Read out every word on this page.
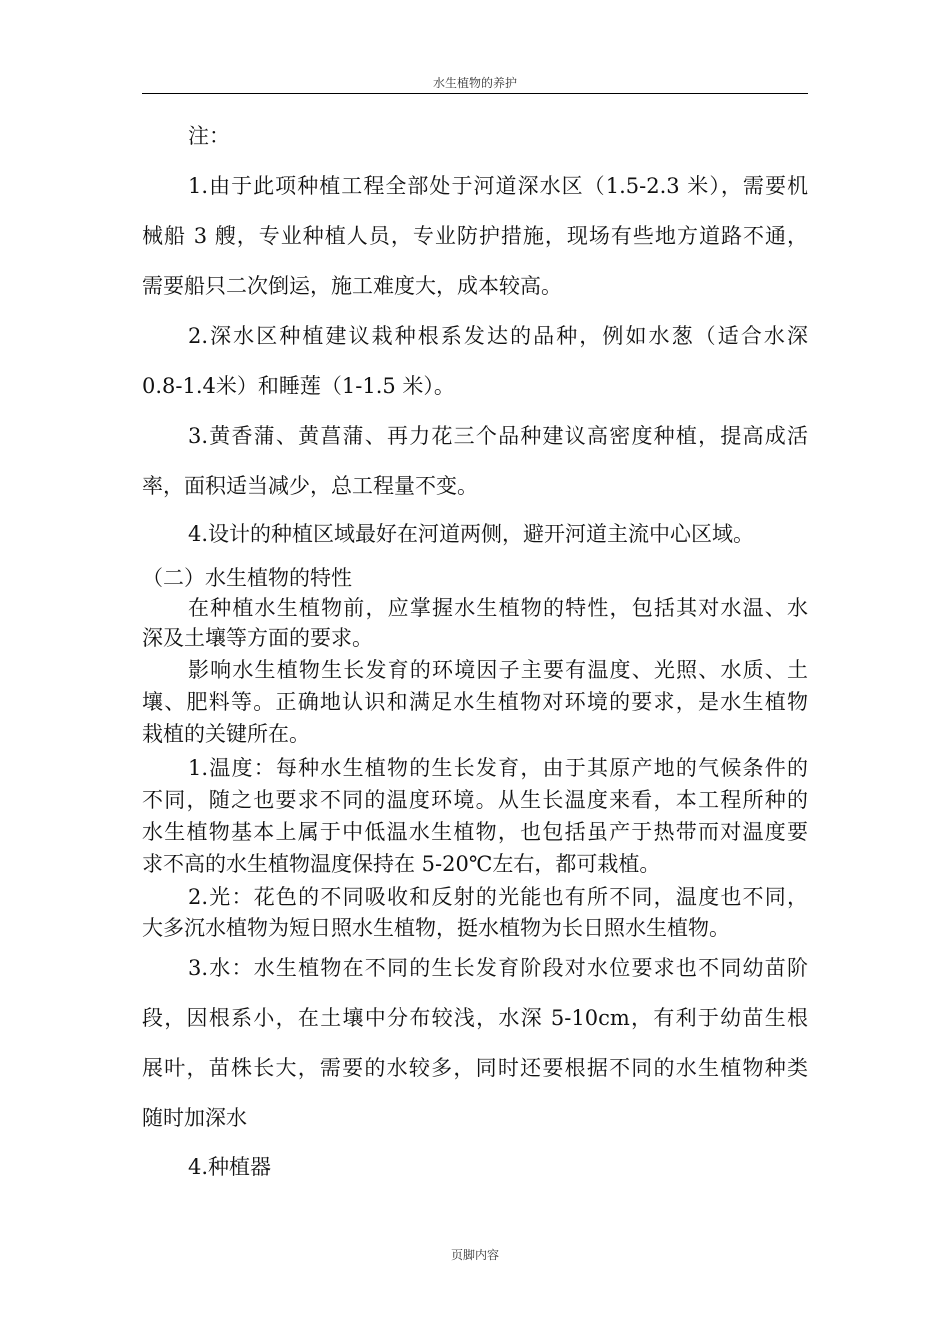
水生植物的养护
注：
1.由于此项种植工程全部处于河道深水区（1.5-2.3 米），需要机
械船 3 艘，专业种植人员，专业防护措施，现场有些地方道路不通，
需要船只二次倒运，施工难度大，成本较高。
2.深水区种植建议栽种根系发达的品种，例如水葱（适合水深
0.8-1.4米）和睡莲（1-1.5 米）。
3.黄香蒲、黄菖蒲、再力花三个品种建议高密度种植，提高成活
率，面积适当减少，总工程量不变。
4.设计的种植区域最好在河道两侧，避开河道主流中心区域。
（二）水生植物的特性
在种植水生植物前，应掌握水生植物的特性，包括其对水温、水
深及土壤等方面的要求。
影响水生植物生长发育的环境因子主要有温度、光照、水质、土
壤、肥料等。正确地认识和满足水生植物对环境的要求，是水生植物
栽植的关键所在。
1.温度：每种水生植物的生长发育，由于其原产地的气候条件的
不同，随之也要求不同的温度环境。从生长温度来看，本工程所种的
水生植物基本上属于中低温水生植物，也包括虽产于热带而对温度要
求不高的水生植物温度保持在 5-20℃左右，都可栽植。
2.光：花色的不同吸收和反射的光能也有所不同，温度也不同，
大多沉水植物为短日照水生植物，挺水植物为长日照水生植物。
3.水：水生植物在不同的生长发育阶段对水位要求也不同幼苗阶
段，因根系小，在土壤中分布较浅，水深 5-10cm，有利于幼苗生根
展叶，苗株长大，需要的水较多，同时还要根据不同的水生植物种类
随时加深水
4.种植器
页脚内容
